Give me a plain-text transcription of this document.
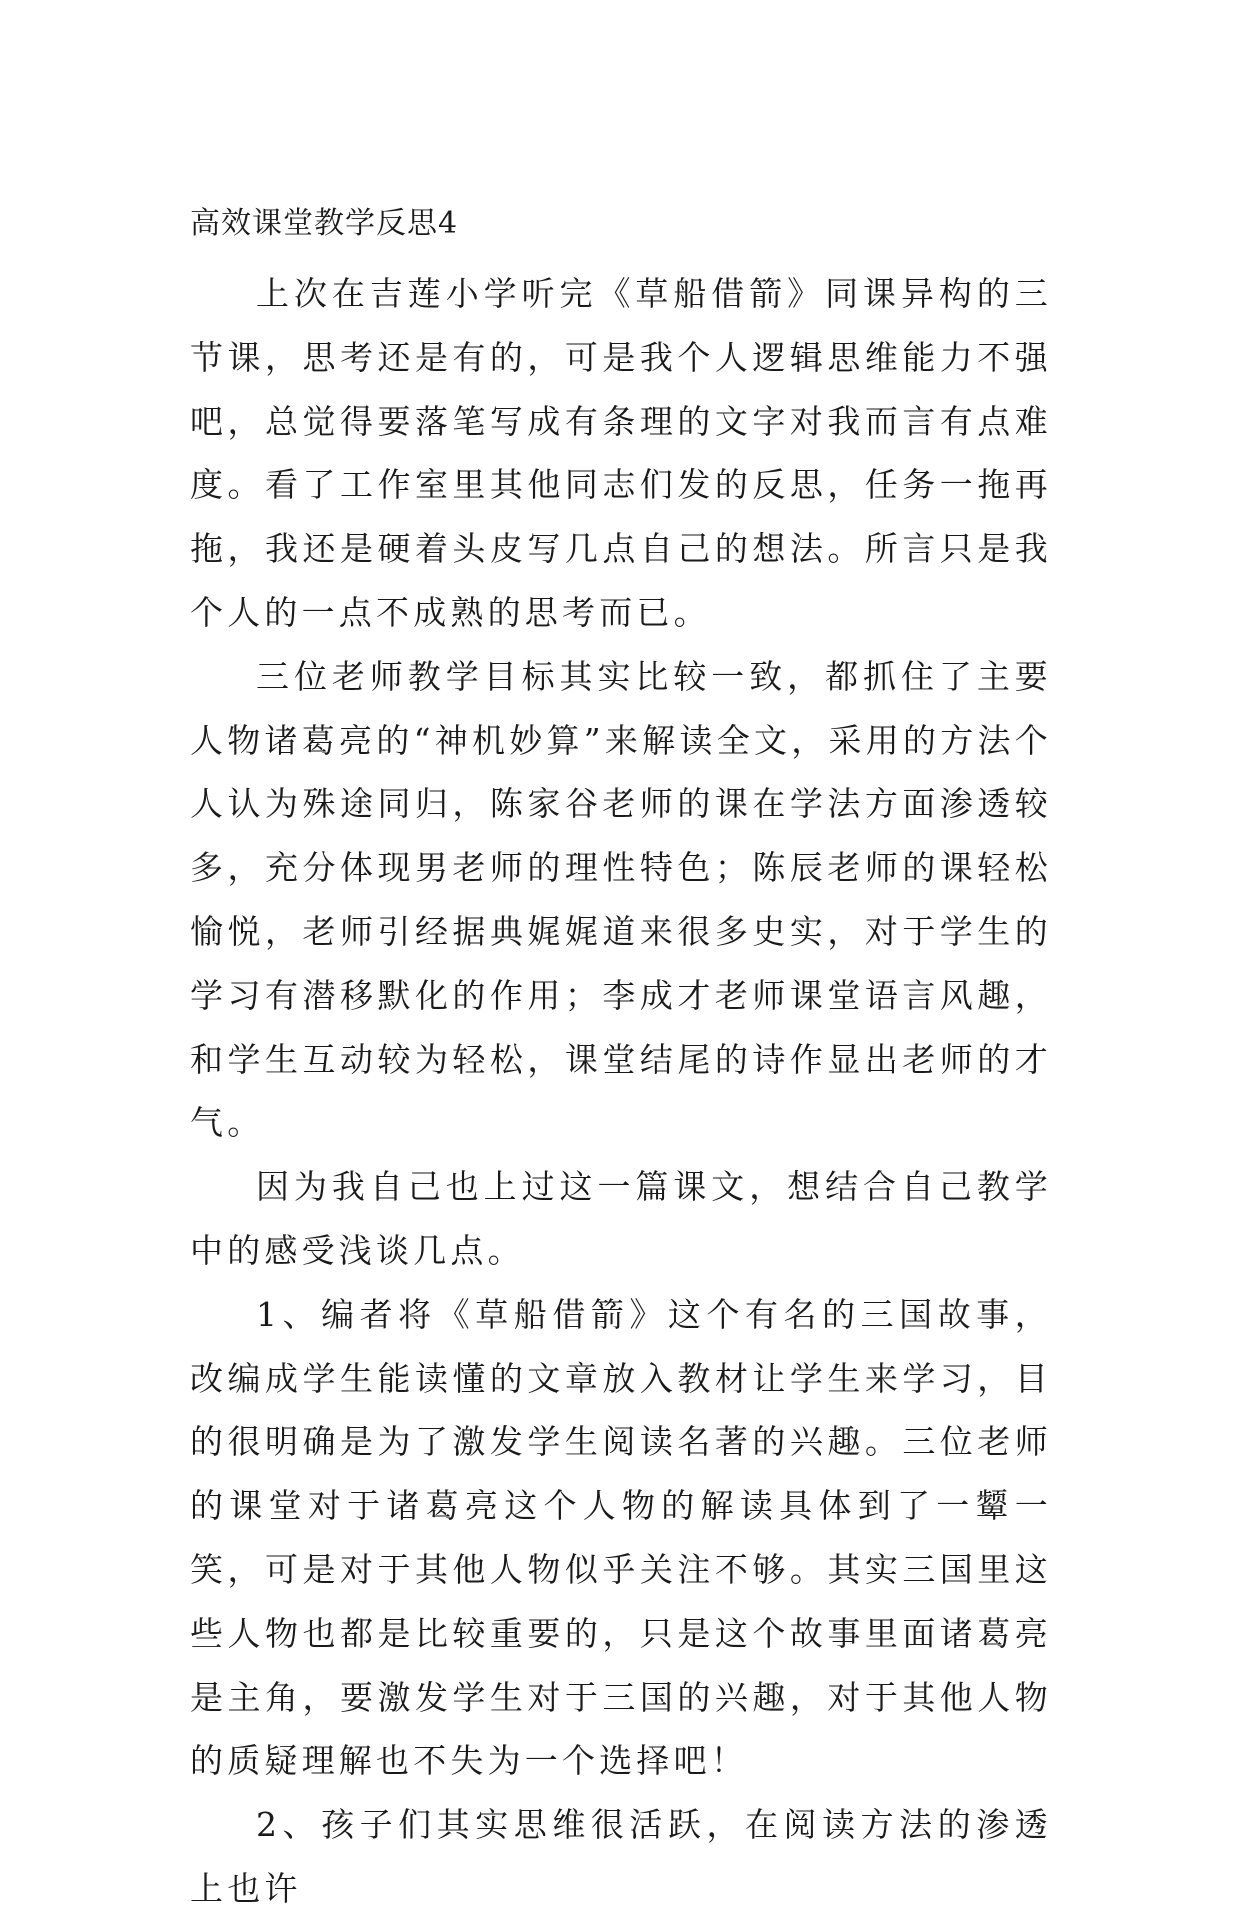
高效课堂教学反思4

上次在吉莲小学听完《草船借箭》同课异构的三节课，思考还是有的，可是我个人逻辑思维能力不强吧，总觉得要落笔写成有条理的文字对我而言有点难度。看了工作室里其他同志们发的反思，任务一拖再拖，我还是硬着头皮写几点自己的想法。所言只是我个人的一点不成熟的思考而已。

三位老师教学目标其实比较一致，都抓住了主要人物诸葛亮的“神机妙算”来解读全文，采用的方法个人认为殊途同归，陈家谷老师的课在学法方面渗透较多，充分体现男老师的理性特色；陈辰老师的课轻松愉悦，老师引经据典娓娓道来很多史实，对于学生的学习有潜移默化的作用；李成才老师课堂语言风趣，和学生互动较为轻松，课堂结尾的诗作显出老师的才气。

因为我自己也上过这一篇课文，想结合自己教学中的感受浅谈几点。

1、编者将《草船借箭》这个有名的三国故事，改编成学生能读懂的文章放入教材让学生来学习，目的很明确是为了激发学生阅读名著的兴趣。三位老师的课堂对于诸葛亮这个人物的解读具体到了一颦一笑，可是对于其他人物似乎关注不够。其实三国里这些人物也都是比较重要的，只是这个故事里面诸葛亮是主角，要激发学生对于三国的兴趣，对于其他人物的质疑理解也不失为一个选择吧！

2、孩子们其实思维很活跃，在阅读方法的渗透上也许
